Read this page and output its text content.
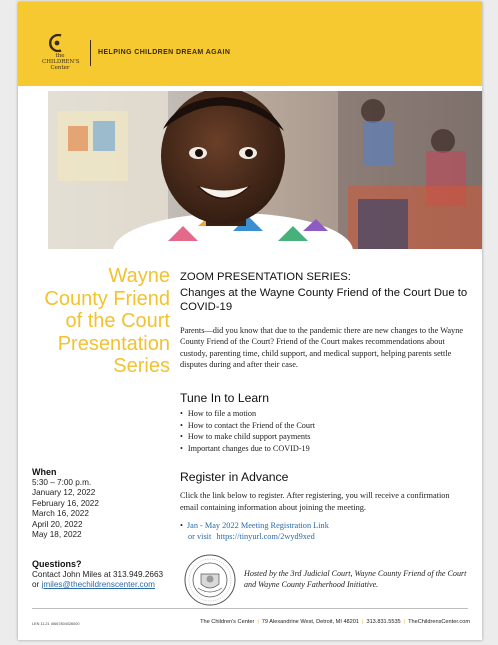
the
CHILDREN'S
Center
HELPING CHILDREN DREAM AGAIN
Wayne
County Friend
of the Court
Presentation
Series
ZOOM PRESENTATION SERIES:
Changes at the Wayne County Friend of the Court Due to COVID-19

Parents—did you know that due to the pandemic there are new changes to the Wayne County Friend of the Court? Friend of the Court makes recommendations about custody, parenting time, child support, and medical support, helping parents settle disputes during and after their case.

Tune In to Learn
• How to file a motion
• How to contact the Friend of the Court
• How to make child support payments
• Important changes due to COVID-19
Register in Advance

Click the link below to register. After registering, you will receive a confirmation email containing information about joining the meeting.

• Jan - May 2022 Meeting Registration Link
or visit https://tinyurl.com/2wyd9xed
Hosted by the 3rd Judicial Court, Wayne County Friend of the Court and Wayne County Fatherhood Initiative.
When
5:30 – 7:00 p.m.
January 12, 2022
February 16, 2022
March 16, 2022
April 20, 2022
May 18, 2022
Questions?
Contact John Miles at 313.949.2663
or jmiles@thechildrenscenter.com
LEN 11.21 •5667804026000	The Children's Center | 79 Alexandrine West, Detroit, MI 48201 | 313.831.5535 | TheChildrensCenter.com
